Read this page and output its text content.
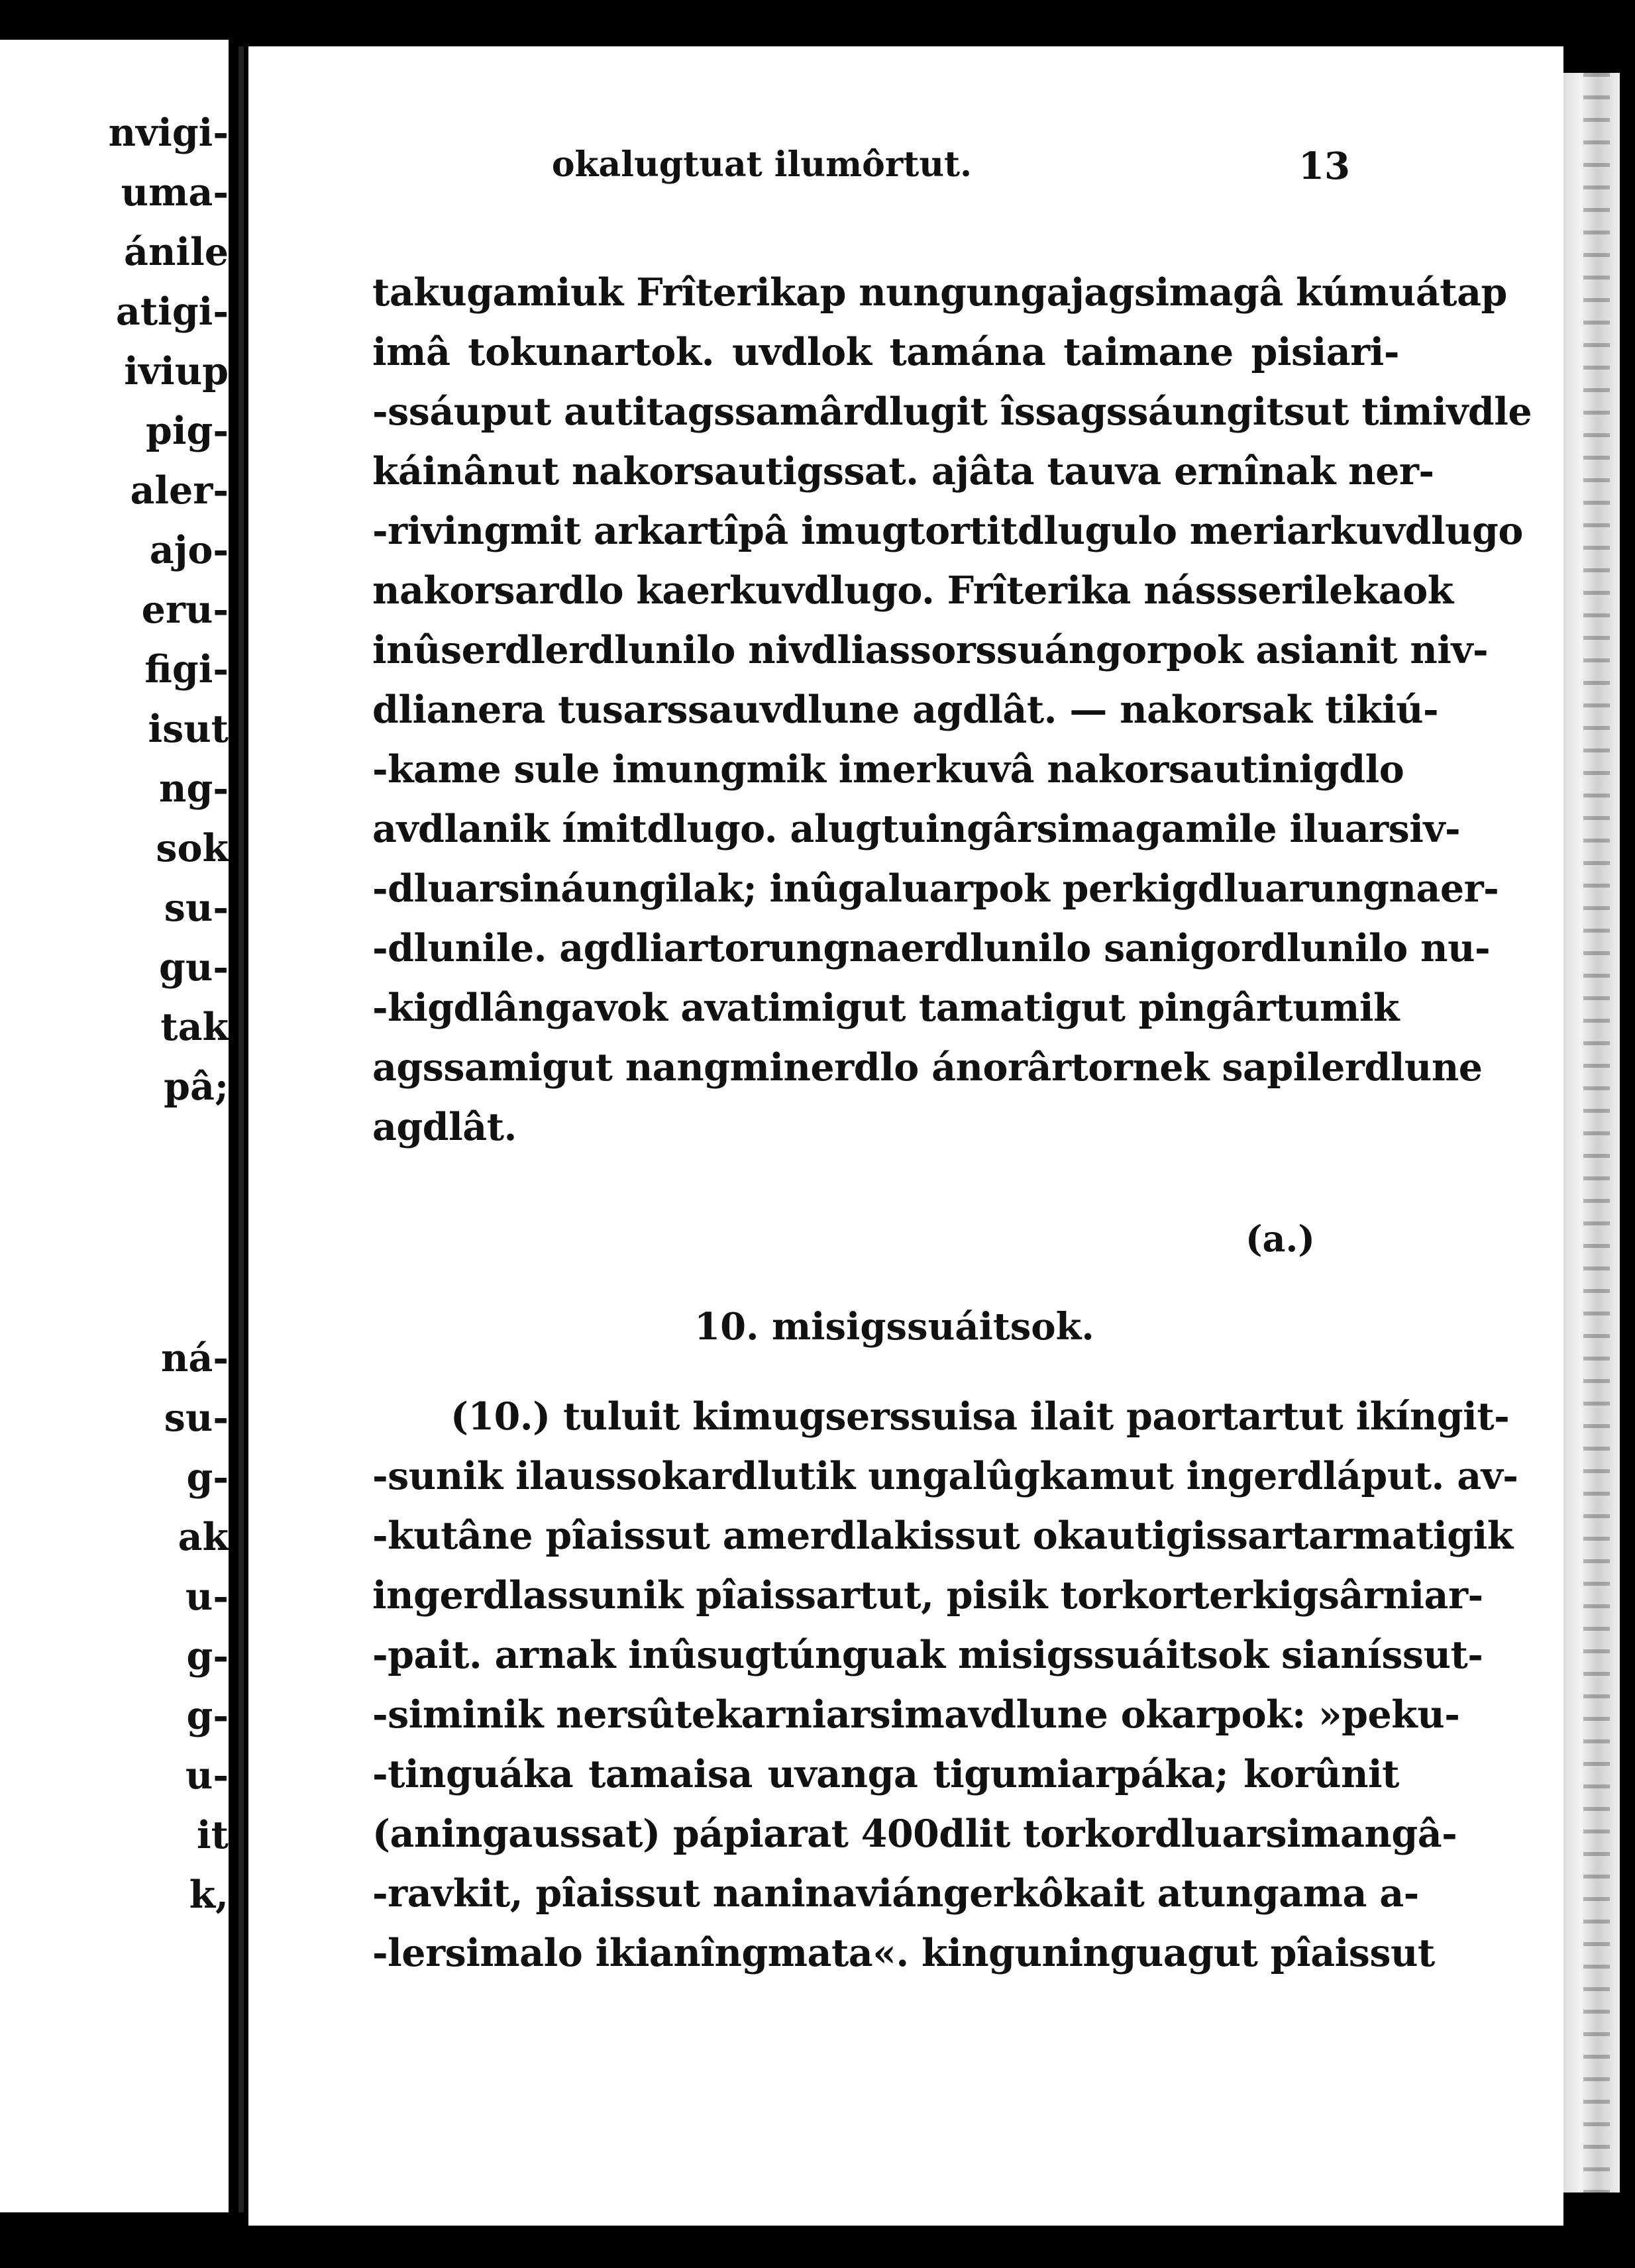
nvigi-
uma-
ánile
atigi-
iviup
pig-
aler-
ajo-
eru-
figi-
isut
ng-
sok
su-
gu-
tak
pâ;
ná-
su-
g-
ak
u-
g-
g-
u-
it
k,
okalugtuat ilumôrtut.	13
takugamiuk Frîterikap nungungajagsimagâ kúmuátap
imâ tokunartok. uvdlok tamána taimane pisiari-
-ssáuput autitagssamârdlugit îssagssáungitsut timivdle
káinânut nakorsautigssat. ajâta tauva ernînak ner-
-rivingmit arkartîpâ imugtortitdlugulo meriarkuvdlugo
nakorsardlo kaerkuvdlugo. Frîterika nássserilekaok
inûserdlerdlunilo nivdliassorssuángorpok asianit niv-
dlianera tusarssauvdlune agdlât. — nakorsak tikiú-
-kame sule imungmik imerkuvâ nakorsautinigdlo
avdlanik ímitdlugo. alugtuingârsimagamile iluarsiv-
-dluarsináungilak; inûgaluarpok perkigdluarungnaer-
-dlunile. agdliartorungnaerdlunilo sanigordlunilo nu-
-kigdlângavok avatimigut tamatigut pingârtumik
agssamigut nangminerdlo ánorârtornek sapilerdlune
agdlât.
(a.)
10. misigssuáitsok.
(10.) tuluit kimugserssuisa ilait paortartut ikíngit-
-sunik ilaussokardlutik ungalûgkamut ingerdláput. av-
-kutâne pîaissut amerdlakissut okautigissartarmatigik
ingerdlassunik pîaissartut, pisik torkorterkigsârniar-
-pait. arnak inûsugtúnguak misigssuáitsok sianíssut-
-siminik nersûtekarniarsimavdlune okarpok: »peku-
-tinguáka tamaisa uvanga tigumiarpáka; korûnit
(aningaussat) pápiarat 400dlit torkordluarsimangâ-
-ravkit, pîaissut naninaviángerkôkait atungama a-
-lersimalo ikianîngmata«. kinguninguagut pîaissut
